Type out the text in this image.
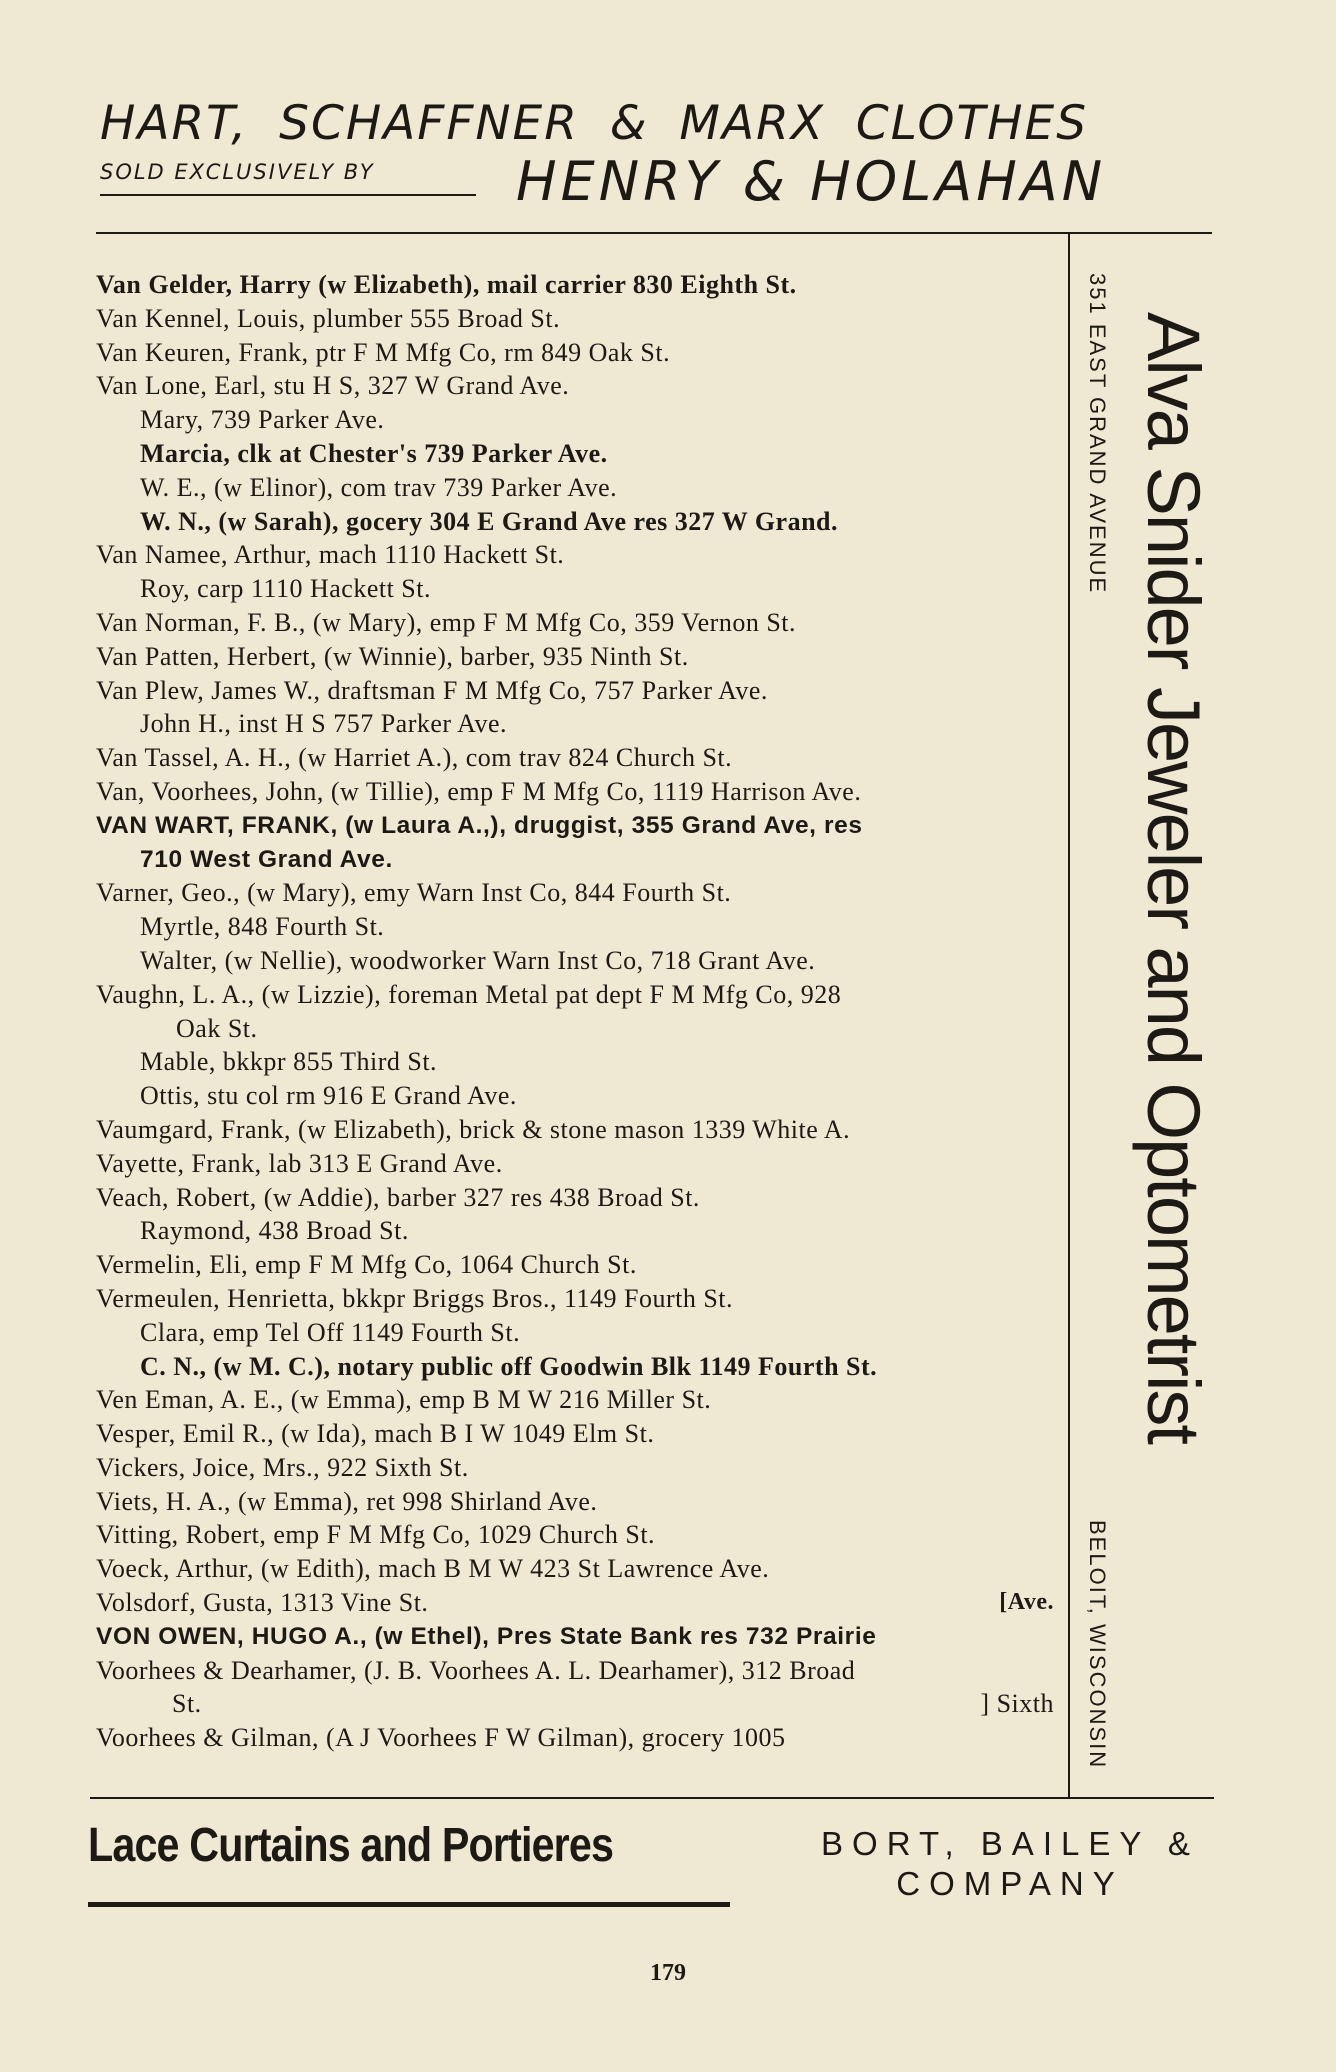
HART, SCHAFFNER & MARX CLOTHES
SOLD EXCLUSIVELY BY	HENRY & HOLAHAN
Van Gelder, Harry (w Elizabeth), mail carrier 830 Eighth St.
Van Kennel, Louis, plumber 555 Broad St.
Van Keuren, Frank, ptr F M Mfg Co, rm 849 Oak St.
Van Lone, Earl, stu H S, 327 W Grand Ave.
Mary, 739 Parker Ave.
Marcia, clk at Chester's 739 Parker Ave.
W. E., (w Elinor), com trav 739 Parker Ave.
W. N., (w Sarah), gocery 304 E Grand Ave res 327 W Grand.
Van Namee, Arthur, mach 1110 Hackett St.
Roy, carp 1110 Hackett St.
Van Norman, F. B., (w Mary), emp F M Mfg Co, 359 Vernon St.
Van Patten, Herbert, (w Winnie), barber, 935 Ninth St.
Van Plew, James W., draftsman F M Mfg Co, 757 Parker Ave.
John H., inst H S 757 Parker Ave.
Van Tassel, A. H., (w Harriet A.), com trav 824 Church St.
Van, Voorhees, John, (w Tillie), emp F M Mfg Co, 1119 Harrison Ave.
VAN WART, FRANK, (w Laura A.,), druggist, 355 Grand Ave, res
710 West Grand Ave.
Varner, Geo., (w Mary), emy Warn Inst Co, 844 Fourth St.
Myrtle, 848 Fourth St.
Walter, (w Nellie), woodworker Warn Inst Co, 718 Grant Ave.
Vaughn, L. A., (w Lizzie), foreman Metal pat dept F M Mfg Co, 928
Oak St.
Mable, bkkpr 855 Third St.
Ottis, stu col rm 916 E Grand Ave.
Vaumgard, Frank, (w Elizabeth), brick & stone mason 1339 White A.
Vayette, Frank, lab 313 E Grand Ave.
Veach, Robert, (w Addie), barber 327 res 438 Broad St.
Raymond, 438 Broad St.
Vermelin, Eli, emp F M Mfg Co, 1064 Church St.
Vermeulen, Henrietta, bkkpr Briggs Bros., 1149 Fourth St.
Clara, emp Tel Off 1149 Fourth St.
C. N., (w M. C.), notary public off Goodwin Blk 1149 Fourth St.
Ven Eman, A. E., (w Emma), emp B M W 216 Miller St.
Vesper, Emil R., (w Ida), mach B I W 1049 Elm St.
Vickers, Joice, Mrs., 922 Sixth St.
Viets, H. A., (w Emma), ret 998 Shirland Ave.
Vitting, Robert, emp F M Mfg Co, 1029 Church St.
Voeck, Arthur, (w Edith), mach B M W 423 St Lawrence Ave.
Volsdorf, Gusta, 1313 Vine St.	[Ave.
VON OWEN, HUGO A., (w Ethel), Pres State Bank res 732 Prairie
Voorhees & Dearhamer, (J. B. Voorhees A. L. Dearhamer), 312 Broad
St.	] Sixth
Voorhees & Gilman, (A J Voorhees F W Gilman), grocery 1005
351 EAST GRAND AVENUE Alva Snider Jeweler and Optometrist
BELOIT, WISCONSIN
Lace Curtains and Portieres	BORT, BAILEY &
COMPANY
179
